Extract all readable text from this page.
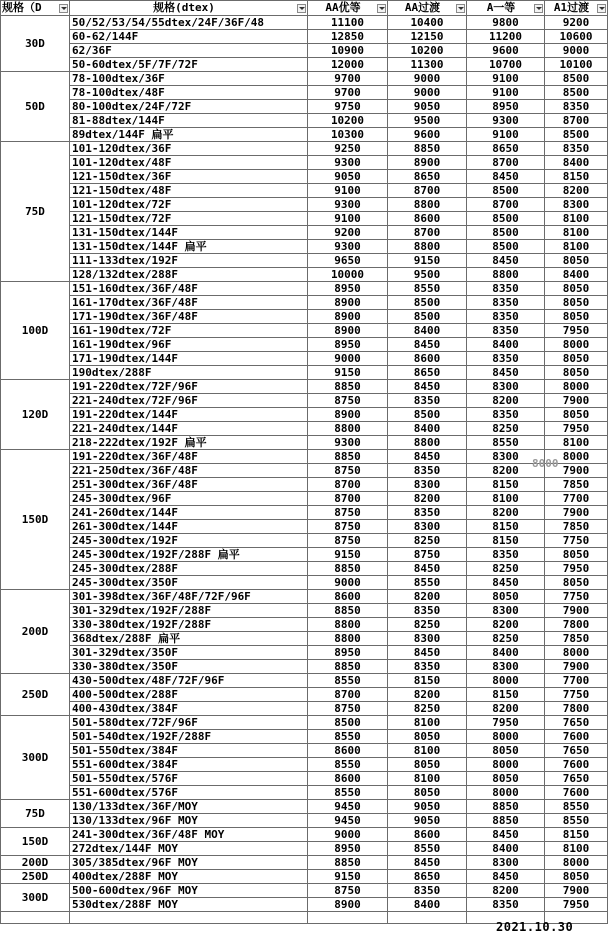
规格（D	规格(dtex)	AA优等	AA过渡	A一等	A1过渡

30D	50/52/53/54/55dtex/24F/36F/48	11100	10400	9800	9200
	60-62/144F	12850	12150	11200	10600
	62/36F	10900	10200	9600	9000
	50-60dtex/5F/7F/72F	12000	11300	10700	10100
50D	78-100dtex/36F	9700	9000	9100	8500
	78-100dtex/48F	9700	9000	9100	8500
	80-100dtex/24F/72F	9750	9050	8950	8350
	81-88dtex/144F	10200	9500	9300	8700
	89dtex/144F 扁平	10300	9600	9100	8500
75D	101-120dtex/36F	9250	8850	8650	8350
	101-120dtex/48F	9300	8900	8700	8400
	121-150dtex/36F	9050	8650	8450	8150
	121-150dtex/48F	9100	8700	8500	8200
	101-120dtex/72F	9300	8800	8700	8300
	121-150dtex/72F	9100	8600	8500	8100
	131-150dtex/144F	9200	8700	8500	8100
	131-150dtex/144F 扁平	9300	8800	8500	8100
	111-133dtex/192F	9650	9150	8450	8050
	128/132dtex/288F	10000	9500	8800	8400
100D	151-160dtex/36F/48F	8950	8550	8350	8050
	161-170dtex/36F/48F	8900	8500	8350	8050
	171-190dtex/36F/48F	8900	8500	8350	8050
	161-190dtex/72F	8900	8400	8350	7950
	161-190dtex/96F	8950	8450	8400	8000
	171-190dtex/144F	9000	8600	8350	8050
	190dtex/288F	9150	8650	8450	8050
120D	191-220dtex/72F/96F	8850	8450	8300	8000
	221-240dtex/72F/96F	8750	8350	8200	7900
	191-220dtex/144F	8900	8500	8350	8050
	221-240dtex/144F	8800	8400	8250	7950
	218-222dtex/192F 扁平	9300	8800	8550	8100
150D	191-220dtex/36F/48F	8850	8450	8300	8000
	221-250dtex/36F/48F	8750	8350	8200	7900
	251-300dtex/36F/48F	8700	8300	8150	7850
	245-300dtex/96F	8700	8200	8100	7700
	241-260dtex/144F	8750	8350	8200	7900
	261-300dtex/144F	8750	8300	8150	7850
	245-300dtex/192F	8750	8250	8150	7750
	245-300dtex/192F/288F 扁平	9150	8750	8350	8050
	245-300dtex/288F	8850	8450	8250	7950
	245-300dtex/350F	9000	8550	8450	8050
200D	301-398dtex/36F/48F/72F/96F	8600	8200	8050	7750
	301-329dtex/192F/288F	8850	8350	8300	7900
	330-380dtex/192F/288F	8800	8250	8200	7800
	368dtex/288F 扁平	8800	8300	8250	7850
	301-329dtex/350F	8950	8450	8400	8000
	330-380dtex/350F	8850	8350	8300	7900
250D	430-500dtex/48F/72F/96F	8550	8150	8000	7700
	400-500dtex/288F	8700	8200	8150	7750
	400-430dtex/384F	8750	8250	8200	7800
300D	501-580dtex/72F/96F	8500	8100	7950	7650
	501-540dtex/192F/288F	8550	8050	8000	7600
	501-550dtex/384F	8600	8100	8050	7650
	551-600dtex/384F	8550	8050	8000	7600
	501-550dtex/576F	8600	8100	8050	7650
	551-600dtex/576F	8550	8050	8000	7600
75D	130/133dtex/36F/MOY	9450	9050	8850	8550
	130/133dtex/96F MOY	9450	9050	8850	8550
150D	241-300dtex/36F/48F MOY	9000	8600	8450	8150
	272dtex/144F MOY	8950	8550	8400	8100
200D	305/385dtex/96F MOY	8850	8450	8300	8000
250D	400dtex/288F MOY	9150	8650	8450	8050
300D	500-600dtex/96F MOY	8750	8350	8200	7900
	530dtex/288F MOY	8900	8400	8350	7950

8000
2021.10.30
